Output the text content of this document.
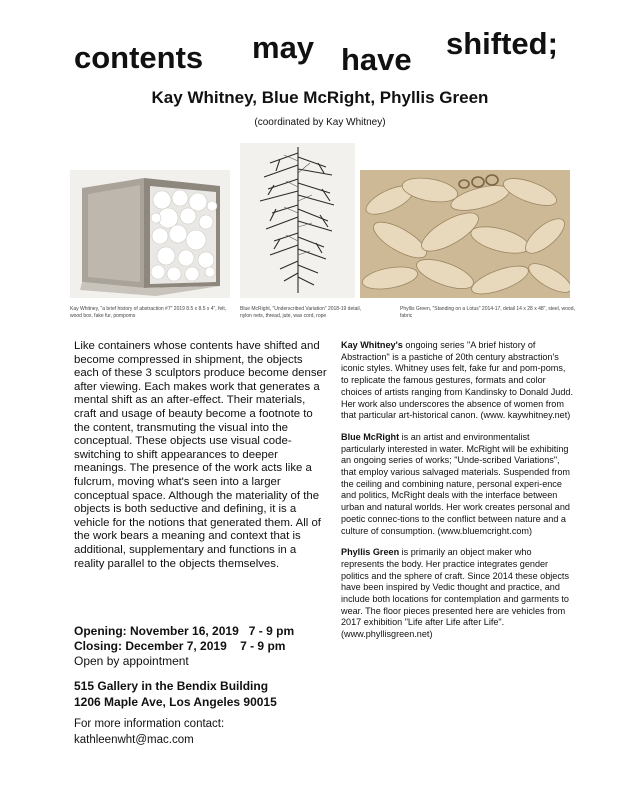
contents may have shifted;
Kay Whitney, Blue McRight, Phyllis Green
(coordinated by Kay Whitney)
Kay Whitney, "a brief history of abstraction #7" 2019 8.5 x 8.5 x 4", felt, wood box, fake fur, pompoms
Blue McRight, "Underscribed Variation" 2018-19 detail, nylon nets, thread, jute, wax cord, rope
Phyllis Green, "Standing on a Lotus" 2014-17, detail 14 x 28 x 48", steel, wood, fabric

Like containers whose contents have shifted and become compressed in shipment, the objects each of these 3 sculptors produce become denser after viewing. Each makes work that generates a mental shift as an after-effect. Their materials, craft and usage of beauty become a footnote to the content, transmuting the visual into the conceptual. These objects use visual code-switching to shift appearances to deeper meanings. The presence of the work acts like a fulcrum, moving what's seen into a larger conceptual space. Although the materiality of the objects is both seductive and defining, it is a vehicle for the notions that generated them. All of the work bears a meaning and context that is additional, supplementary and functions in a reality parallel to the objects themselves.

Opening: November 16, 2019 7 - 9 pm
Closing: December 7, 2019 7 - 9 pm
Open by appointment
515 Gallery in the Bendix Building
1206 Maple Ave, Los Angeles 90015
For more information contact:
kathleenwht@mac.com

Kay Whitney's ongoing series "A brief history of Abstraction" is a pastiche of 20th century abstraction's iconic styles. Whitney uses felt, fake fur and pom-poms, to replicate the famous gestures, formats and color choices of artists ranging from Kandinsky to Donald Judd. Her work also underscores the absence of women from that particular art-historical canon. (www. kaywhitney.net)

Blue McRight is an artist and environmentalist particularly interested in water. McRight will be exhibiting an ongoing series of works; "Unde-scribed Variations", that employ various salvaged materials. Suspended from the ceiling and combining nature, personal experi-ence and politics, McRight deals with the interface between urban and natural worlds. Her work creates personal and poetic connec-tions to the conflict between nature and a culture of consumption. (www.bluemcright.com)

Phyllis Green is primarily an object maker who represents the body. Her practice integrates gender politics and the sphere of craft. Since 2014 these objects have been inspired by Vedic thought and practice, and include both locations for contemplation and garments to wear. The floor pieces presented here are vehicles from 2017 exhibition "Life after Life after Life". (www.phyllisgreen.net)
